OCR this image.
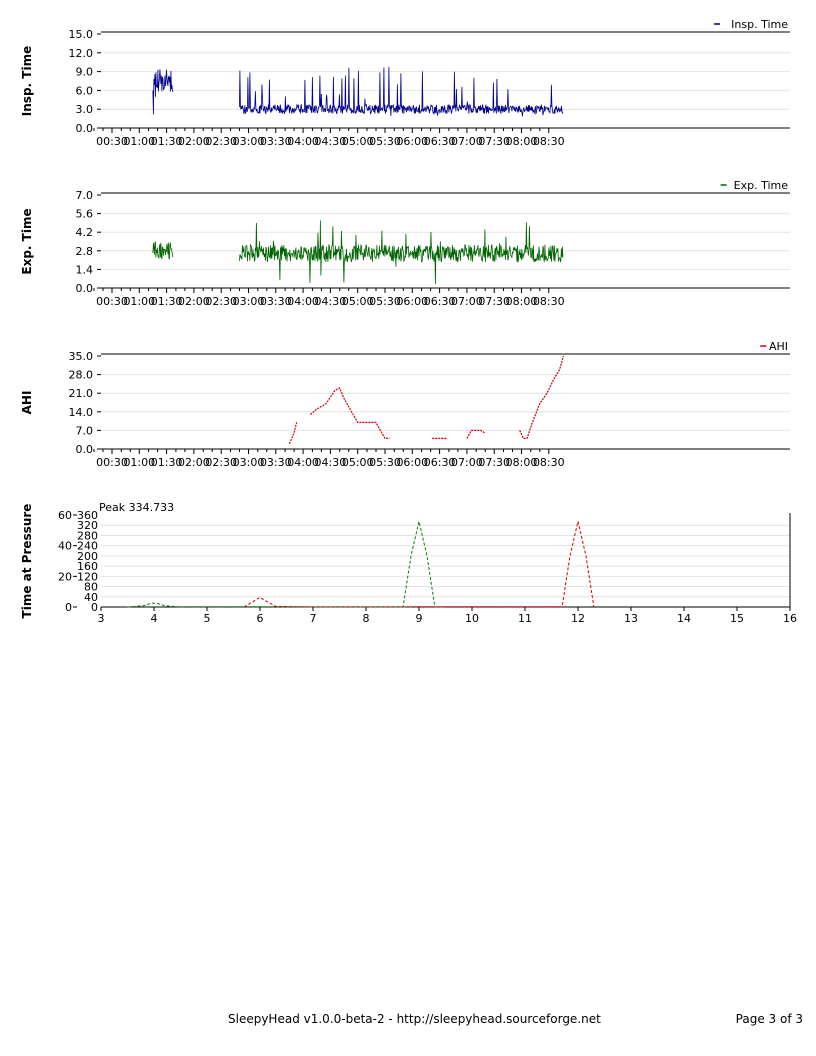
Insp. Time
15.0
12.0
9.0
6.0
3.0
0.0
00:30
01:00
01:30
02:00
02:30
03:00
03:30
04:00
04:30
05:00
05:30
06:00
06:30
07:00
07:30
08:00
08:30
Insp. Time
Exp. Time
7.0
5.6
4.2
2.8
1.4
0.0
00:30
01:00
01:30
02:00
02:30
03:00
03:30
04:00
04:30
05:00
05:30
06:00
06:30
07:00
07:30
08:00
08:30
Exp. Time
AHI
35.0
28.0
21.0
14.0
7.0
0.0
00:30
01:00
01:30
02:00
02:30
03:00
03:30
04:00
04:30
05:00
05:30
06:00
06:30
07:00
07:30
08:00
08:30
AHI
Time at Pressure	360
320
280
240
200
160
120
80
40
0
60
40
20
0
3	4	5	6	7	8	9	10	11	12	13	14	15	16
Peak 334.733
SleepyHead v1.0.0-beta-2 - http://sleepyhead.sourceforge.net	Page 3 of 3
